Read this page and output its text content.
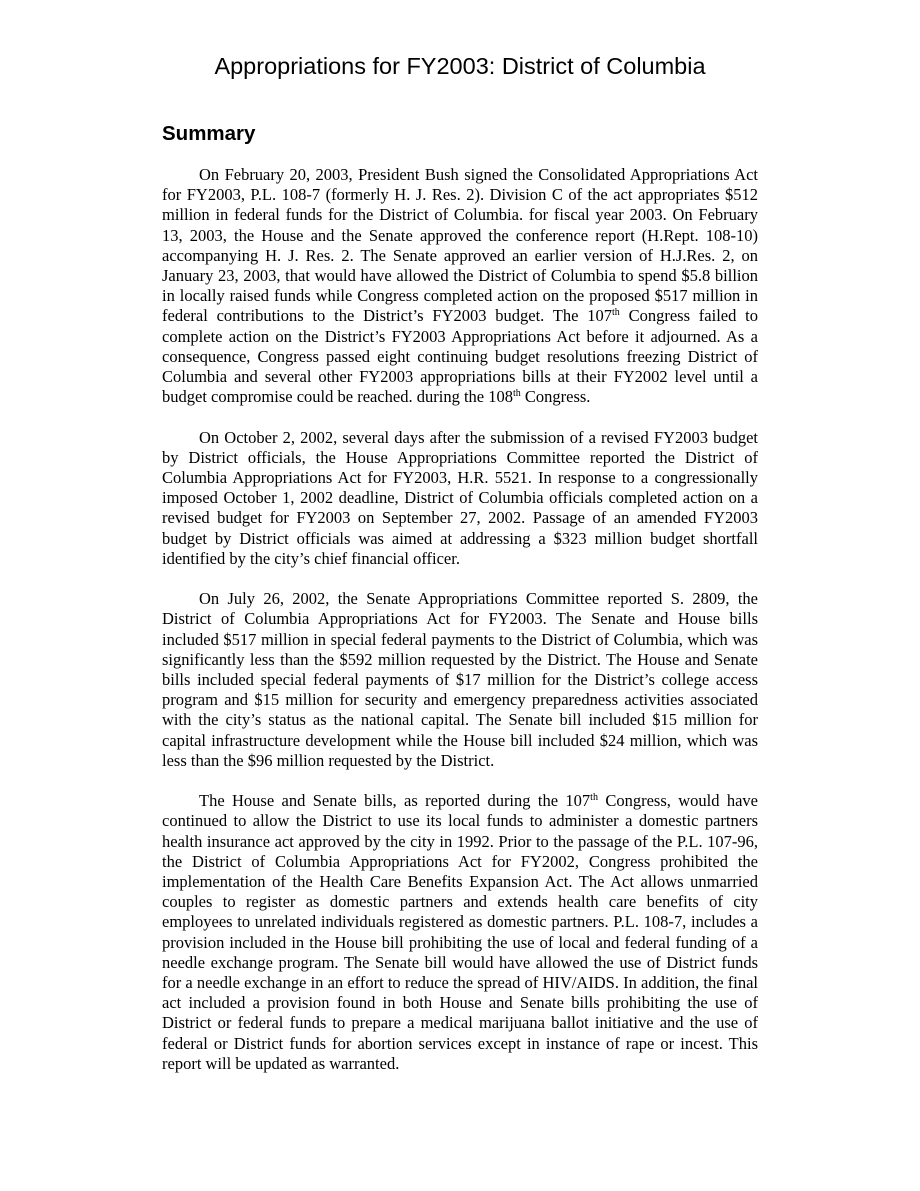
Appropriations for FY2003: District of Columbia
Summary

On February 20, 2003, President Bush signed the Consolidated Appropriations Act for FY2003, P.L. 108-7 (formerly H. J. Res. 2). Division C of the act appropriates $512 million in federal funds for the District of Columbia. for fiscal year 2003. On February 13, 2003, the House and the Senate approved the conference report (H.Rept. 108-10) accompanying H. J. Res. 2. The Senate approved an earlier version of H.J.Res. 2, on January 23, 2003, that would have allowed the District of Columbia to spend $5.8 billion in locally raised funds while Congress completed action on the proposed $517 million in federal contributions to the District’s FY2003 budget. The 107th Congress failed to complete action on the District’s FY2003 Appropriations Act before it adjourned. As a consequence, Congress passed eight continuing budget resolutions freezing District of Columbia and several other FY2003 appropriations bills at their FY2002 level until a budget compromise could be reached. during the 108th Congress.

On October 2, 2002, several days after the submission of a revised FY2003 budget by District officials, the House Appropriations Committee reported the District of Columbia Appropriations Act for FY2003, H.R. 5521. In response to a congressionally imposed October 1, 2002 deadline, District of Columbia officials completed action on a revised budget for FY2003 on September 27, 2002. Passage of an amended FY2003 budget by District officials was aimed at addressing a $323 million budget shortfall identified by the city’s chief financial officer.

On July 26, 2002, the Senate Appropriations Committee reported S. 2809, the District of Columbia Appropriations Act for FY2003. The Senate and House bills included $517 million in special federal payments to the District of Columbia, which was significantly less than the $592 million requested by the District. The House and Senate bills included special federal payments of $17 million for the District’s college access program and $15 million for security and emergency preparedness activities associated with the city’s status as the national capital. The Senate bill included $15 million for capital infrastructure development while the House bill included $24 million, which was less than the $96 million requested by the District.

The House and Senate bills, as reported during the 107th Congress, would have continued to allow the District to use its local funds to administer a domestic partners health insurance act approved by the city in 1992. Prior to the passage of the P.L. 107-96, the District of Columbia Appropriations Act for FY2002, Congress prohibited the implementation of the Health Care Benefits Expansion Act. The Act allows unmarried couples to register as domestic partners and extends health care benefits of city employees to unrelated individuals registered as domestic partners. P.L. 108-7, includes a provision included in the House bill prohibiting the use of local and federal funding of a needle exchange program. The Senate bill would have allowed the use of District funds for a needle exchange in an effort to reduce the spread of HIV/AIDS. In addition, the final act included a provision found in both House and Senate bills prohibiting the use of District or federal funds to prepare a medical marijuana ballot initiative and the use of federal or District funds for abortion services except in instance of rape or incest. This report will be updated as warranted.
